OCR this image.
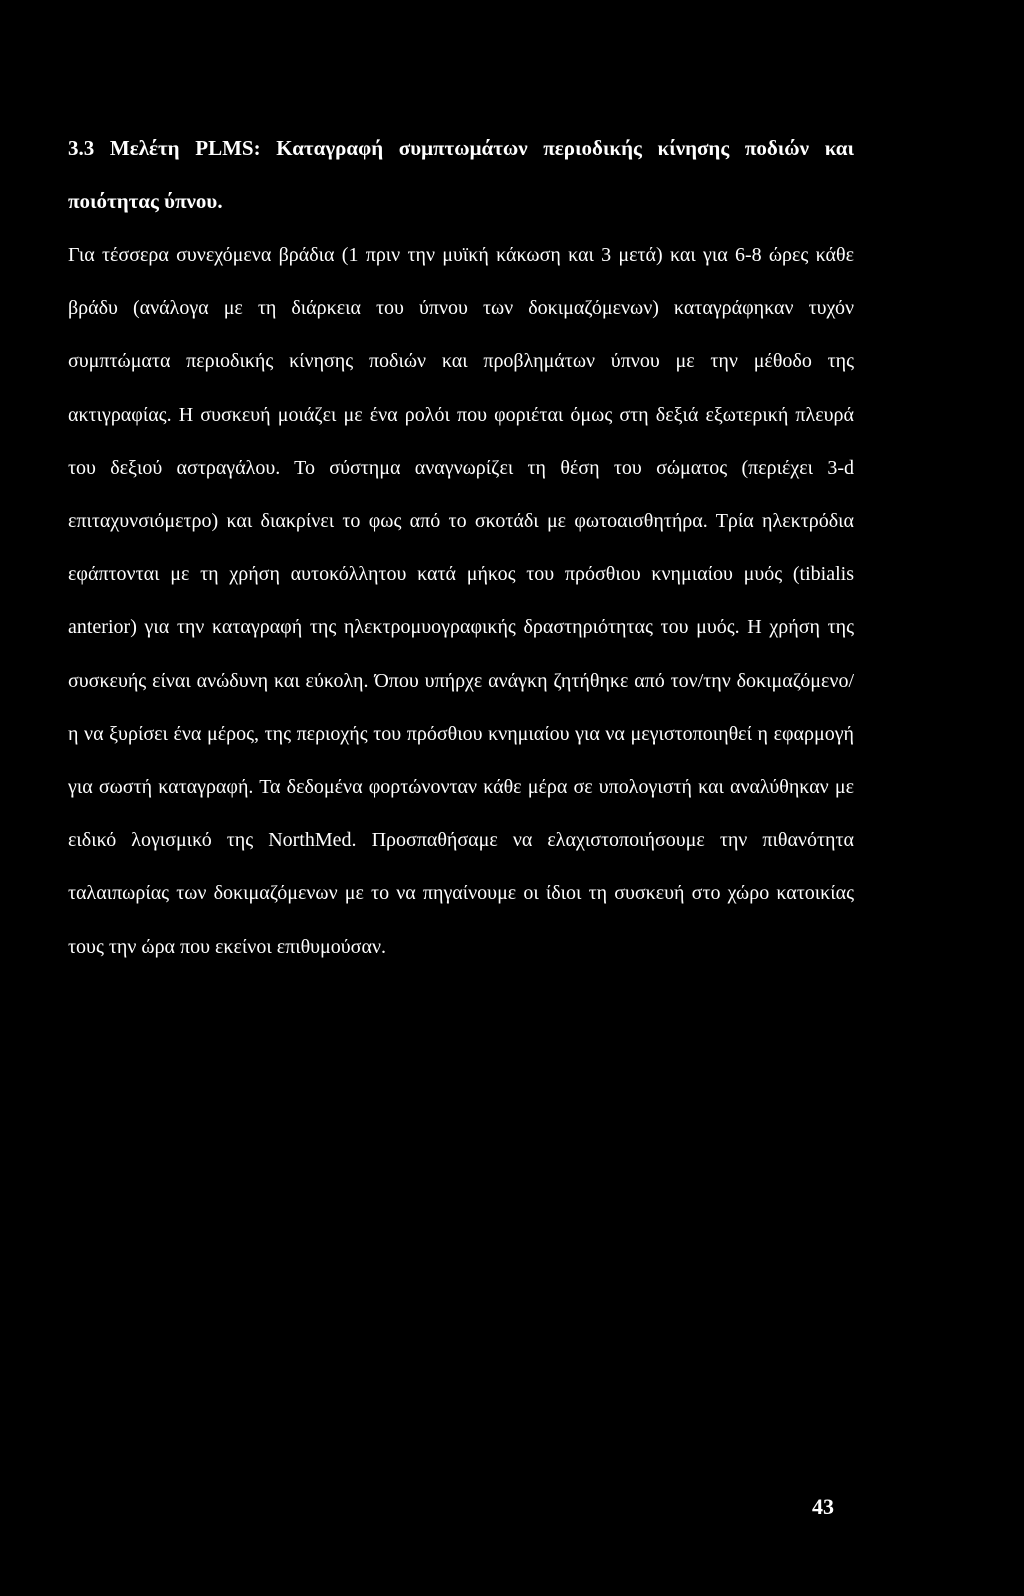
3.3 Μελέτη PLMS: Καταγραφή συμπτωμάτων περιοδικής κίνησης ποδιών και ποιότητας ύπνου.

Για τέσσερα συνεχόμενα βράδια (1 πριν την μυϊκή κάκωση και 3 μετά) και για 6-8 ώρες κάθε βράδυ (ανάλογα με τη διάρκεια του ύπνου των δοκιμαζόμενων) καταγράφηκαν τυχόν συμπτώματα περιοδικής κίνησης ποδιών και προβλημάτων ύπνου με την μέθοδο της ακτιγραφίας. Η συσκευή μοιάζει με ένα ρολόι που φοριέται όμως στη δεξιά εξωτερική πλευρά του δεξιού αστραγάλου. Το σύστημα αναγνωρίζει τη θέση του σώματος (περιέχει 3-d επιταχυνσιόμετρο) και διακρίνει το φως από το σκοτάδι με φωτοαισθητήρα. Τρία ηλεκτρόδια εφάπτονται με τη χρήση αυτοκόλλητου κατά μήκος του πρόσθιου κνημιαίου μυός (tibialis anterior) για την καταγραφή της ηλεκτρομυογραφικής δραστηριότητας του μυός. Η χρήση της συσκευής είναι ανώδυνη και εύκολη. Όπου υπήρχε ανάγκη ζητήθηκε από τον/την δοκιμαζόμενο/η να ξυρίσει ένα μέρος, της περιοχής του πρόσθιου κνημιαίου για να μεγιστοποιηθεί η εφαρμογή για σωστή καταγραφή. Τα δεδομένα φορτώνονταν κάθε μέρα σε υπολογιστή και αναλύθηκαν με ειδικό λογισμικό της NorthMed. Προσπαθήσαμε να ελαχιστοποιήσουμε την πιθανότητα ταλαιπωρίας των δοκιμαζόμενων με το να πηγαίνουμε οι ίδιοι τη συσκευή στο χώρο κατοικίας τους την ώρα που εκείνοι επιθυμούσαν.

43
